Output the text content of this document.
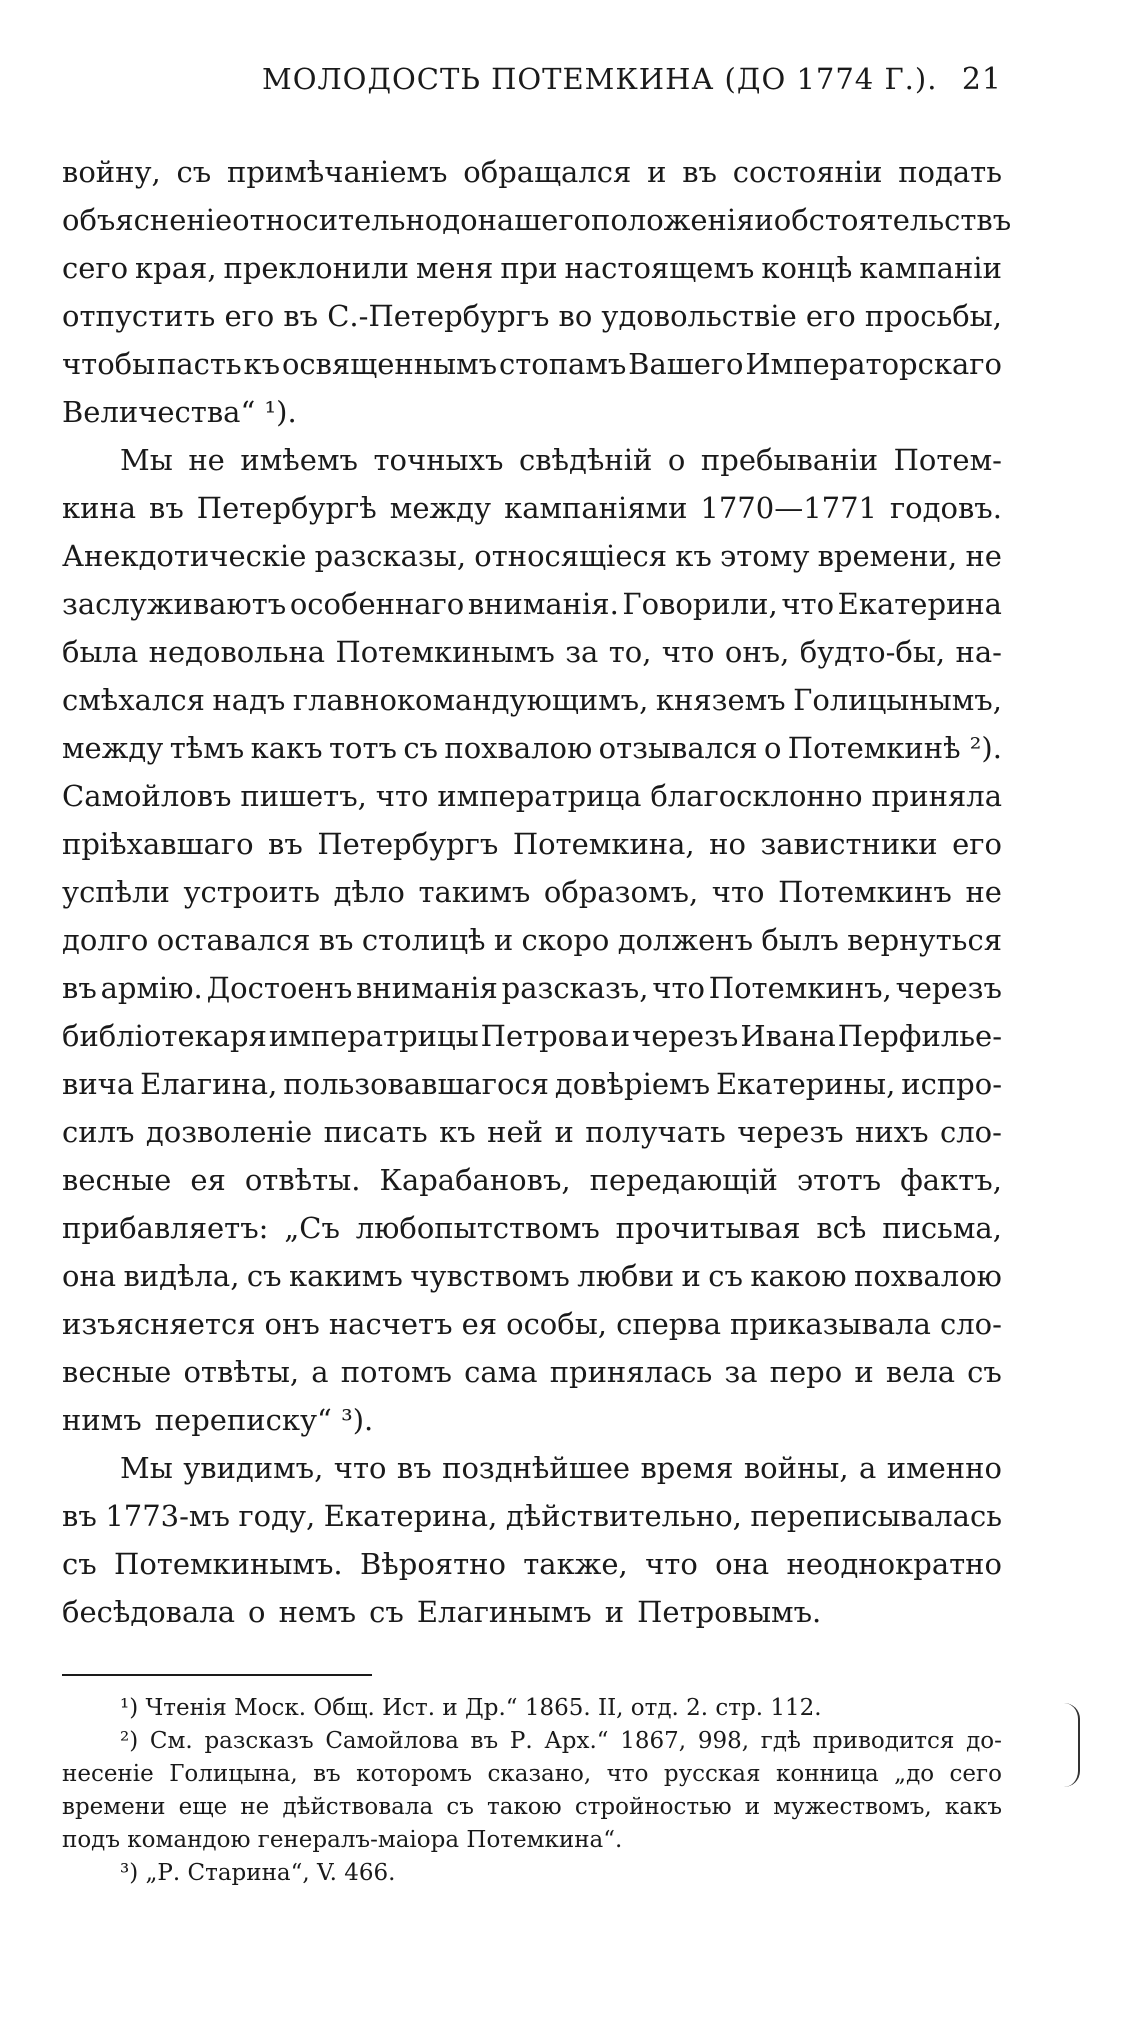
МОЛОДОСТЬ ПОТЕМКИНА (ДО 1774 Г.). 21
войну, съ примѣчаніемъ обращался и въ состояніи подать
объясненіе относительно до нашего положенія и обстоятельствъ
сего края, преклонили меня при настоящемъ концѣ кампаніи
отпустить его въ С.-Петербургъ во удовольствіе его просьбы,
чтобы пасть къ освященнымъ стопамъ Вашего Императорскаго
Величества“ ¹).
Мы не имѣемъ точныхъ свѣдѣній о пребываніи Потем-
кина въ Петербургѣ между кампаніями 1770—1771 годовъ.
Анекдотическіе разсказы, относящіеся къ этому времени, не
заслуживаютъ особеннаго вниманія. Говорили, что Екатерина
была недовольна Потемкинымъ за то, что онъ, будто-бы, на-
смѣхался надъ главнокомандующимъ, княземъ Голицынымъ,
между тѣмъ какъ тотъ съ похвалою отзывался о Потемкинѣ ²).
Самойловъ пишетъ, что императрица благосклонно приняла
пріѣхавшаго въ Петербургъ Потемкина, но завистники его
успѣли устроить дѣло такимъ образомъ, что Потемкинъ не
долго оставался въ столицѣ и скоро долженъ былъ вернуться
въ армію. Достоенъ вниманія разсказъ, что Потемкинъ, черезъ
библіотекаря императрицы Петрова и черезъ Ивана Перфилье-
вича Елагина, пользовавшагося довѣріемъ Екатерины, испро-
силъ дозволеніе писать къ ней и получать черезъ нихъ сло-
весные ея отвѣты. Карабановъ, передающій этотъ фактъ,
прибавляетъ: „Съ любопытствомъ прочитывая всѣ письма,
она видѣла, съ какимъ чувствомъ любви и съ какою похвалою
изъясняется онъ насчетъ ея особы, сперва приказывала сло-
весные отвѣты, а потомъ сама принялась за перо и вела съ
нимъ переписку“ ³).
Мы увидимъ, что въ позднѣйшее время войны, а именно
въ 1773-мъ году, Екатерина, дѣйствительно, переписывалась
съ Потемкинымъ. Вѣроятно также, что она неоднократно
бесѣдовала о немъ съ Елагинымъ и Петровымъ.
¹) Чтенія Моск. Общ. Ист. и Др.“ 1865. II, отд. 2. стр. 112.
²) См. разсказъ Самойлова въ Р. Арх.“ 1867, 998, гдѣ приводится до-
несеніе Голицына, въ которомъ сказано, что русская конница „до сего
времени еще не дѣйствовала съ такою стройностью и мужествомъ, какъ
подъ командою генералъ-маіора Потемкина“.
³) „Р. Старина“, V. 466.
